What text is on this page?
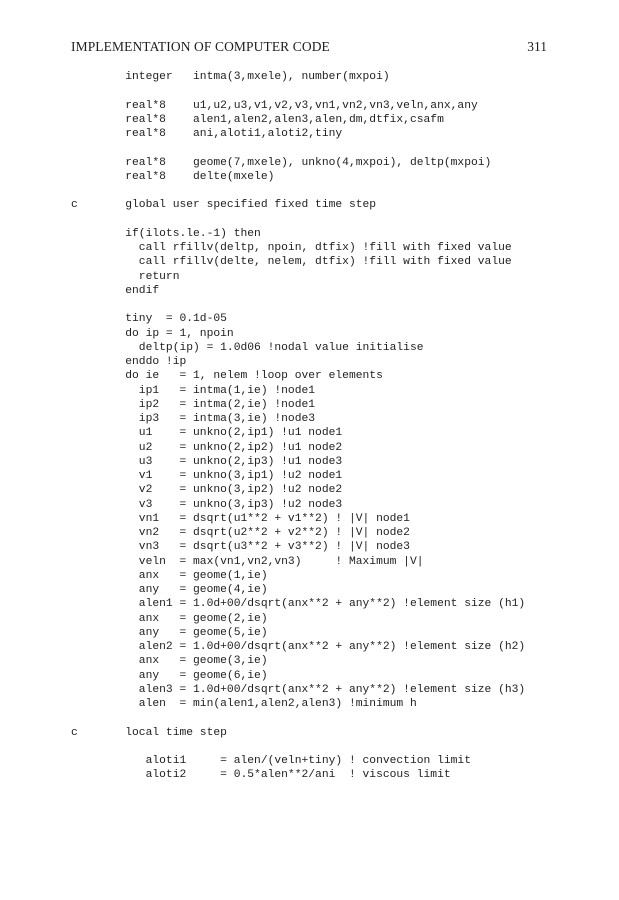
IMPLEMENTATION OF COMPUTER CODE	311
integer   intma(3,mxele), number(mxpoi)

real*8    u1,u2,u3,v1,v2,v3,vn1,vn2,vn3,veln,anx,any
real*8    alen1,alen2,alen3,alen,dm,dtfix,csafm
real*8    ani,aloti1,aloti2,tiny

real*8    geome(7,mxele), unkno(4,mxpoi), deltp(mxpoi)
real*8    delte(mxele)

c       global user specified fixed time step

if(ilots.le.-1) then
call rfillv(deltp, npoin, dtfix) !fill with fixed value
call rfillv(delte, nelem, dtfix) !fill with fixed value
return
endif

tiny  = 0.1d-05
do ip = 1, npoin
deltp(ip) = 1.0d06 !nodal value initialise
enddo !ip
do ie   = 1, nelem !loop over elements
ip1   = intma(1,ie) !node1
ip2   = intma(2,ie) !node1
ip3   = intma(3,ie) !node3
u1    = unkno(2,ip1) !u1 node1
u2    = unkno(2,ip2) !u1 node2
u3    = unkno(2,ip3) !u1 node3
v1    = unkno(3,ip1) !u2 node1
v2    = unkno(3,ip2) !u2 node2
v3    = unkno(3,ip3) !u2 node3
vn1   = dsqrt(u1**2 + v1**2) ! |V| node1
vn2   = dsqrt(u2**2 + v2**2) ! |V| node2
vn3   = dsqrt(u3**2 + v3**2) ! |V| node3
veln  = max(vn1,vn2,vn3)     ! Maximum |V|
anx   = geome(1,ie)
any   = geome(4,ie)
alen1 = 1.0d+00/dsqrt(anx**2 + any**2) !element size (h1)
anx   = geome(2,ie)
any   = geome(5,ie)
alen2 = 1.0d+00/dsqrt(anx**2 + any**2) !element size (h2)
anx   = geome(3,ie)
any   = geome(6,ie)
alen3 = 1.0d+00/dsqrt(anx**2 + any**2) !element size (h3)
alen  = min(alen1,alen2,alen3) !minimum h

c       local time step

aloti1     = alen/(veln+tiny) ! convection limit
aloti2     = 0.5*alen**2/ani  ! viscous limit
